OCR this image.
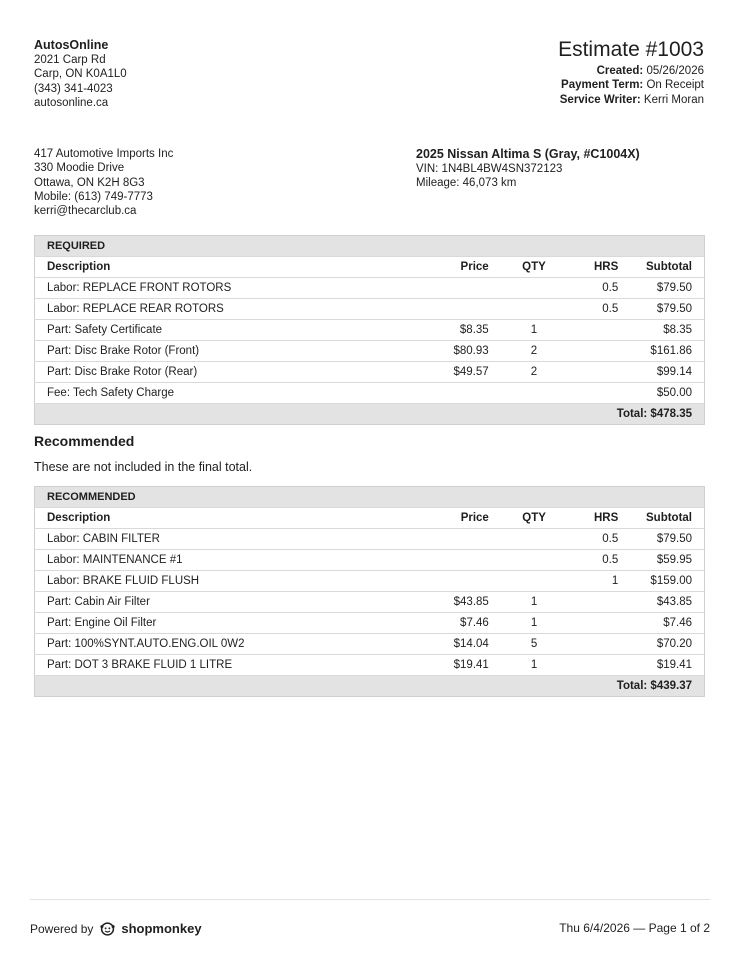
AutosOnline
2021 Carp Rd
Carp, ON K0A1L0
(343) 341-4023
autosonline.ca
Estimate #1003
Created: 05/26/2026
Payment Term: On Receipt
Service Writer: Kerri Moran
417 Automotive Imports Inc
330 Moodie Drive
Ottawa, ON K2H 8G3
Mobile: (613) 749-7773
kerri@thecarclub.ca
2025 Nissan Altima S (Gray, #C1004X)
VIN: 1N4BL4BW4SN372123
Mileage: 46,073 km
REQUIRED				
Description	Price	QTY	HRS	Subtotal
Labor: REPLACE FRONT ROTORS			0.5	$79.50
Labor: REPLACE REAR ROTORS			0.5	$79.50
Part: Safety Certificate	$8.35	1		$8.35
Part: Disc Brake Rotor (Front)	$80.93	2		$161.86
Part: Disc Brake Rotor (Rear)	$49.57	2		$99.14
Fee: Tech Safety Charge				$50.00
Total: $478.35				
Recommended
These are not included in the final total.
RECOMMENDED				
Description	Price	QTY	HRS	Subtotal
Labor: CABIN FILTER			0.5	$79.50
Labor: MAINTENANCE #1			0.5	$59.95
Labor: BRAKE FLUID FLUSH			1	$159.00
Part: Cabin Air Filter	$43.85	1		$43.85
Part: Engine Oil Filter	$7.46	1		$7.46
Part: 100%SYNT.AUTO.ENG.OIL 0W2	$14.04	5		$70.20
Part: DOT 3 BRAKE FLUID 1 LITRE	$19.41	1		$19.41
Total: $439.37				
Powered by shopmonkey	Thu 6/4/2026 — Page 1 of 2
